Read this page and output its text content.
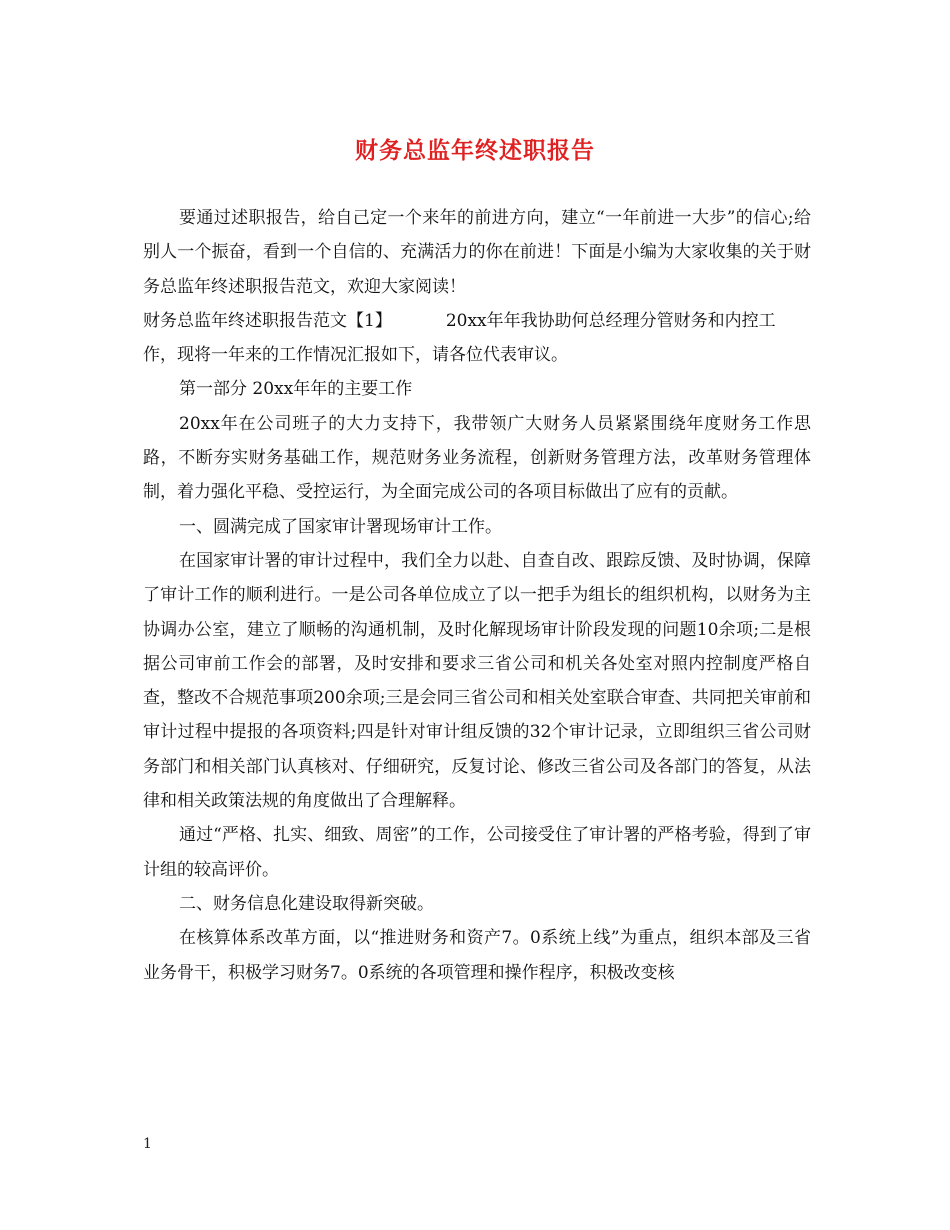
财务总监年终述职报告

要通过述职报告，给自己定一个来年的前进方向，建立“一年前进一大步”的信心;给别人一个振奋，看到一个自信的、充满活力的你在前进！下面是小编为大家收集的关于财务总监年终述职报告范文，欢迎大家阅读！

财务总监年终述职报告范文【1】	20xx年年我协助何总经理分管财务和内控工

作，现将一年来的工作情况汇报如下，请各位代表审议。

第一部分 20xx年年的主要工作

20xx年在公司班子的大力支持下，我带领广大财务人员紧紧围绕年度财务工作思路，不断夯实财务基础工作，规范财务业务流程，创新财务管理方法，改革财务管理体制，着力强化平稳、受控运行，为全面完成公司的各项目标做出了应有的贡献。

一、圆满完成了国家审计署现场审计工作。

在国家审计署的审计过程中，我们全力以赴、自查自改、跟踪反馈、及时协调，保障了审计工作的顺利进行。一是公司各单位成立了以一把手为组长的组织机构，以财务为主协调办公室，建立了顺畅的沟通机制，及时化解现场审计阶段发现的问题10余项;二是根据公司审前工作会的部署，及时安排和要求三省公司和机关各处室对照内控制度严格自查，整改不合规范事项200余项;三是会同三省公司和相关处室联合审查、共同把关审前和审计过程中提报的各项资料;四是针对审计组反馈的32个审计记录，立即组织三省公司财务部门和相关部门认真核对、仔细研究，反复讨论、修改三省公司及各部门的答复，从法律和相关政策法规的角度做出了合理解释。

通过“严格、扎实、细致、周密”的工作，公司接受住了审计署的严格考验，得到了审计组的较高评价。

二、财务信息化建设取得新突破。

在核算体系改革方面，以“推进财务和资产7。0系统上线”为重点，组织本部及三省业务骨干，积极学习财务7。0系统的各项管理和操作程序，积极改变核

1
